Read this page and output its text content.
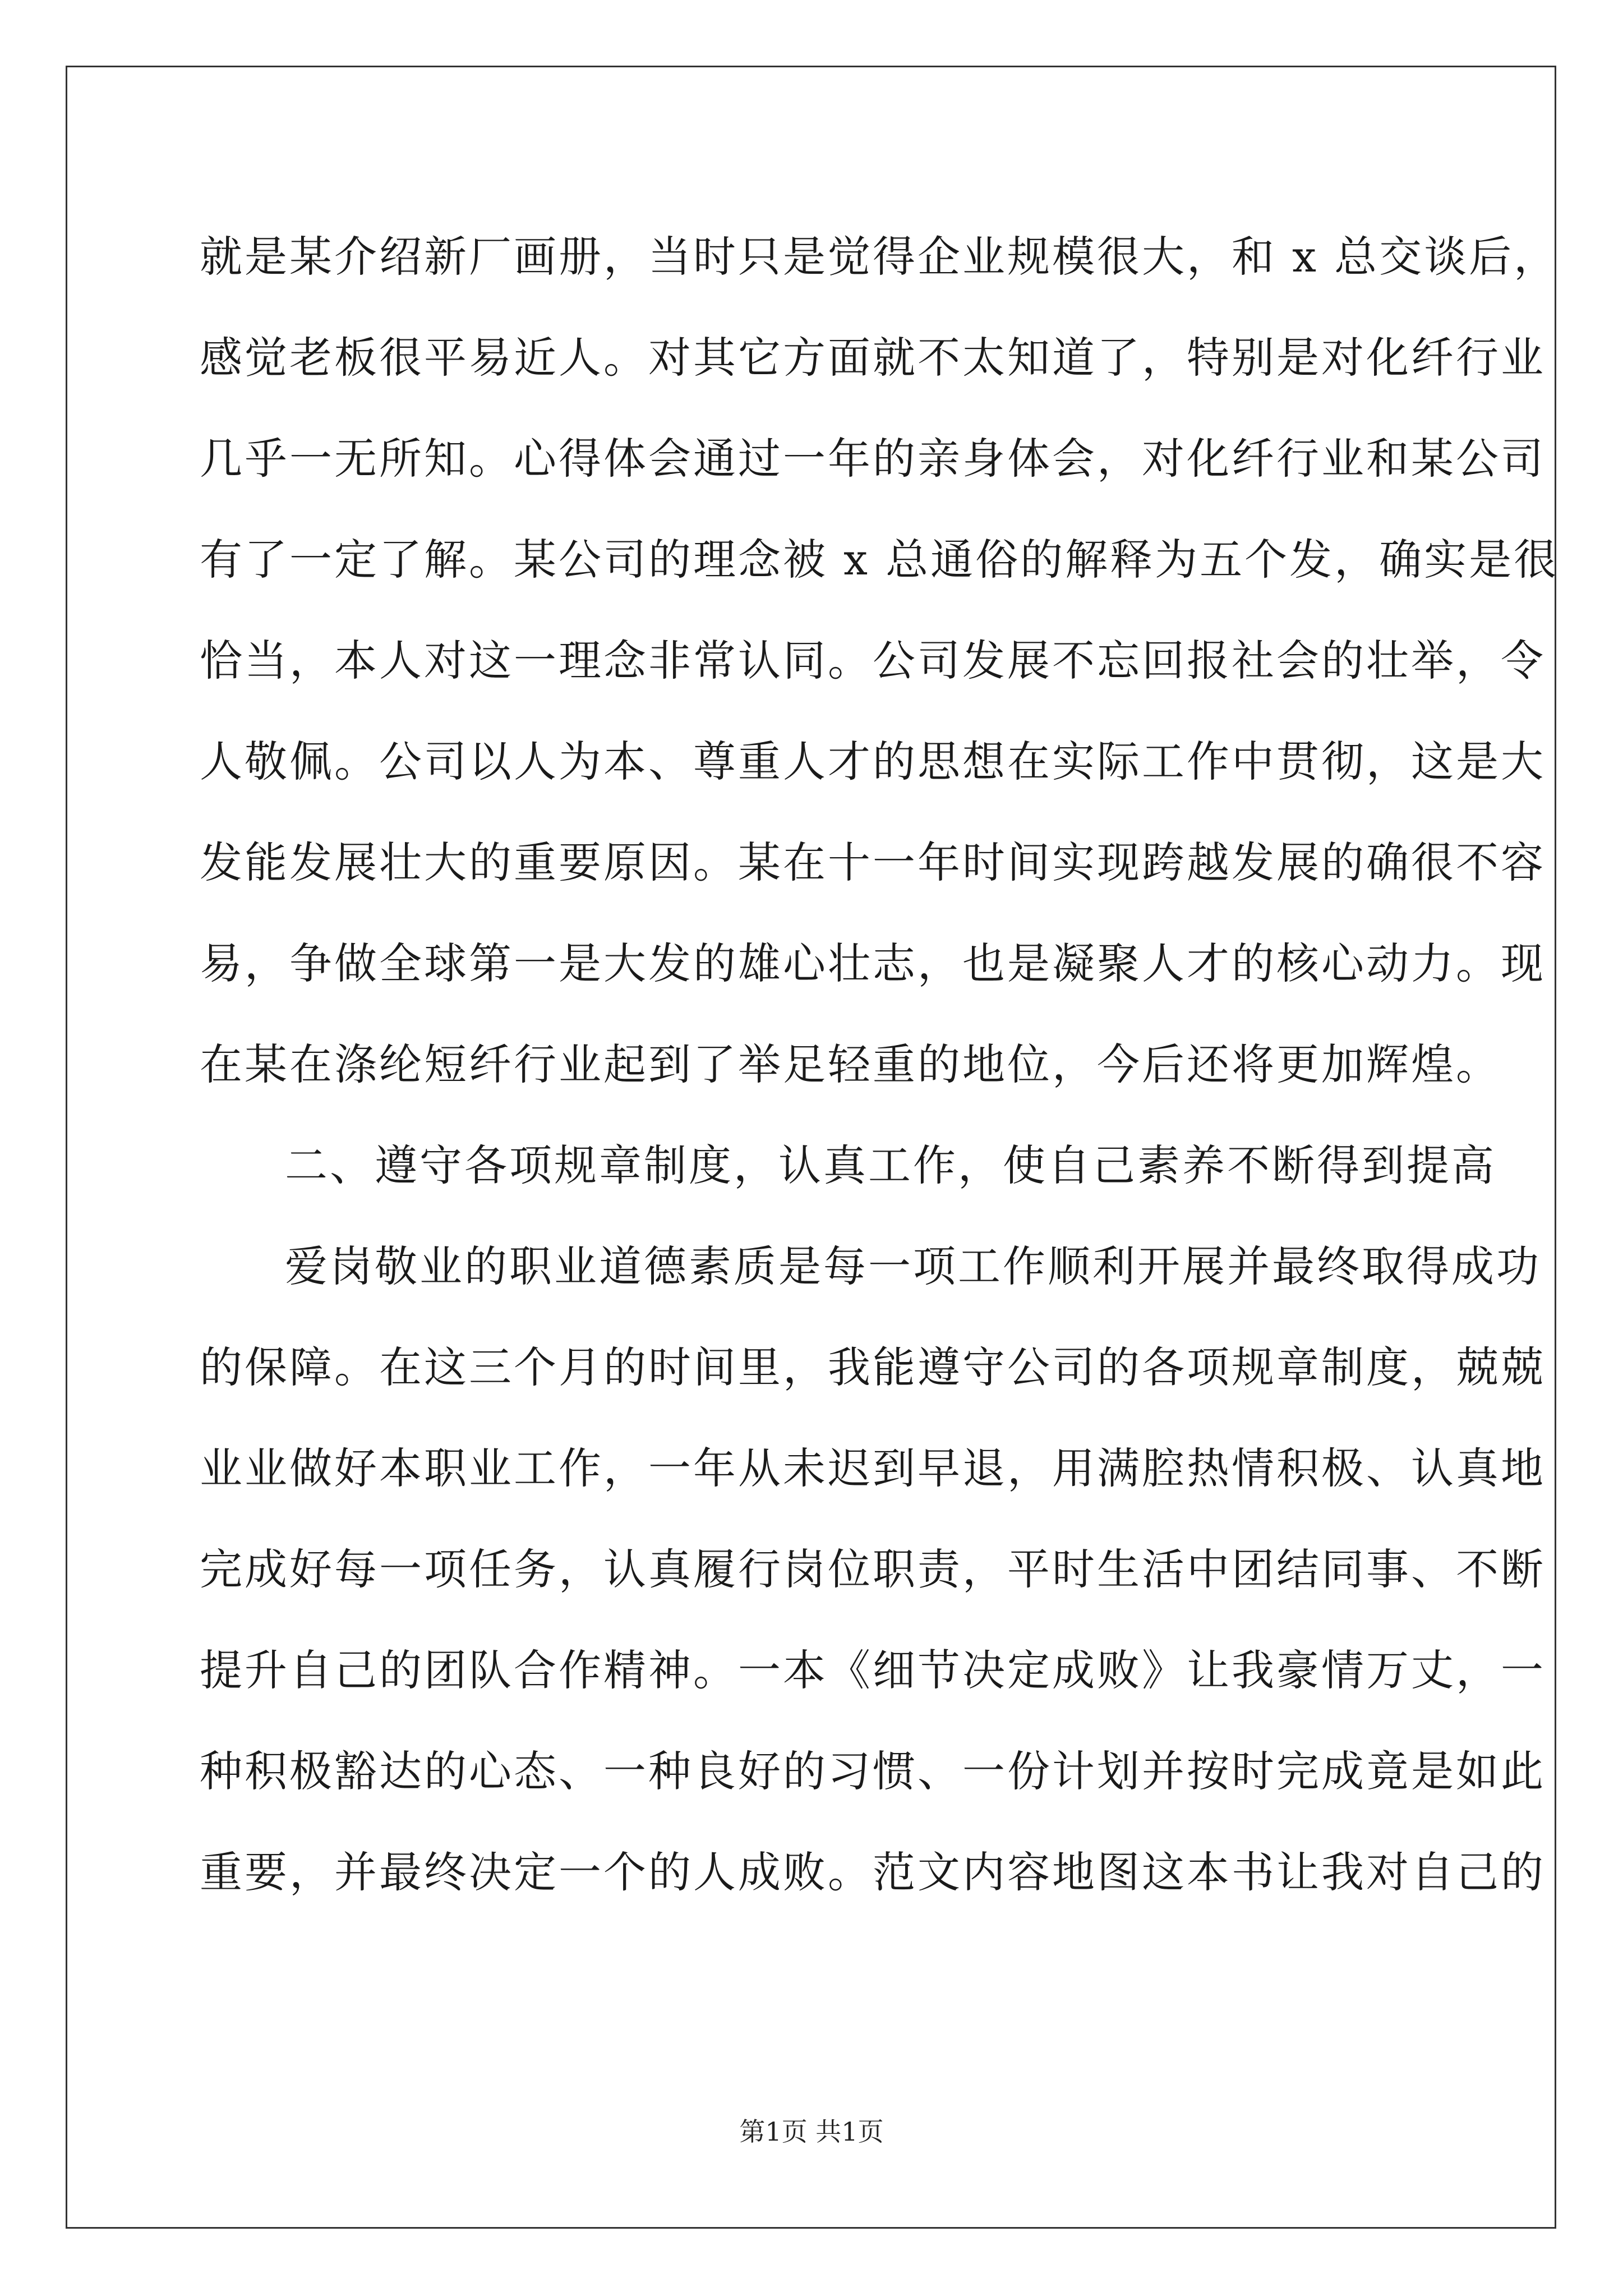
就是某介绍新厂画册，当时只是觉得企业规模很大，和 x 总交谈后，
感觉老板很平易近人。对其它方面就不太知道了，特别是对化纤行业
几乎一无所知。心得体会通过一年的亲身体会，对化纤行业和某公司
有了一定了解。某公司的理念被 x 总通俗的解释为五个发，确实是很
恰当，本人对这一理念非常认同。公司发展不忘回报社会的壮举，令
人敬佩。公司以人为本、尊重人才的思想在实际工作中贯彻，这是大
发能发展壮大的重要原因。某在十一年时间实现跨越发展的确很不容
易，争做全球第一是大发的雄心壮志，也是凝聚人才的核心动力。现
在某在涤纶短纤行业起到了举足轻重的地位，今后还将更加辉煌。
二、遵守各项规章制度，认真工作，使自己素养不断得到提高
爱岗敬业的职业道德素质是每一项工作顺利开展并最终取得成功
的保障。在这三个月的时间里，我能遵守公司的各项规章制度，兢兢
业业做好本职业工作，一年从未迟到早退，用满腔热情积极、认真地
完成好每一项任务，认真履行岗位职责，平时生活中团结同事、不断
提升自己的团队合作精神。一本《细节决定成败》让我豪情万丈，一
种积极豁达的心态、一种良好的习惯、一份计划并按时完成竟是如此
重要，并最终决定一个的人成败。范文内容地图这本书让我对自己的
第1页 共1页
